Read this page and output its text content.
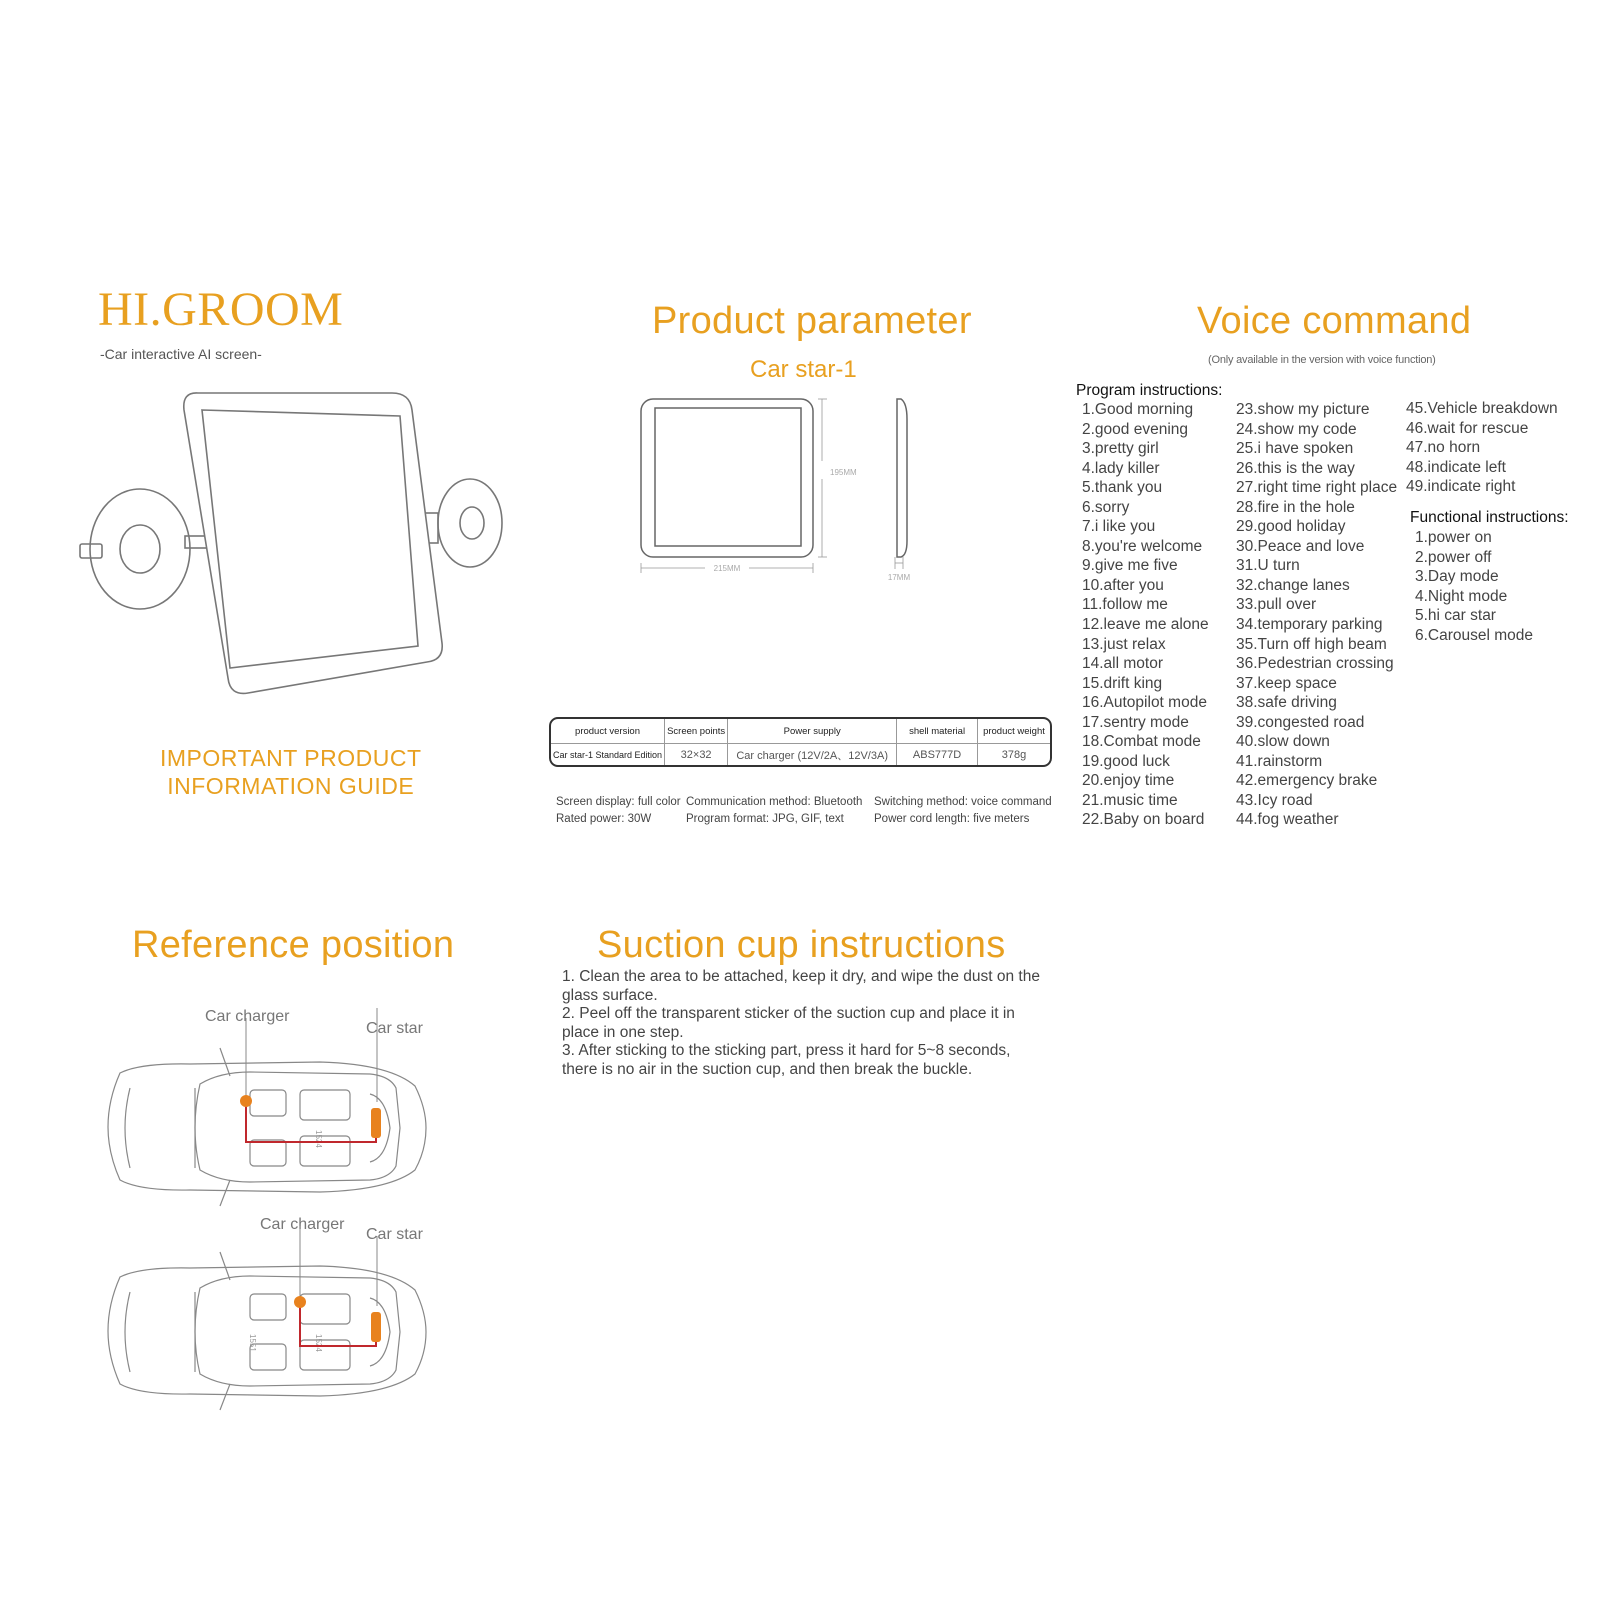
HI.GROOM
-Car interactive AI screen-
IMPORTANT PRODUCT
INFORMATION GUIDE
Product parameter
Car star-1
215MM
195MM
17MM
product version	Screen points	Power supply	shell material	product weight
Car star-1 Standard Edition	32×32	Car charger (12V/2A、12V/3A)	ABS777D	378g
Screen display: full color
Rated power: 30W
Communication method: Bluetooth
Program format: JPG, GIF, text
Switching method: voice command
Power cord length: five meters
Voice command
(Only available in the version with voice function)
Program instructions:
1.Good morning
2.good evening
3.pretty girl
4.lady killer
5.thank you
6.sorry
7.i like you
8.you're welcome
9.give me five
10.after you
11.follow me
12.leave me alone
13.just relax
14.all motor
15.drift king
16.Autopilot mode
17.sentry mode
18.Combat mode
19.good luck
20.enjoy time
21.music time
22.Baby on board
23.show my picture
24.show my code
25.i have spoken
26.this is the way
27.right time right place
28.fire in the hole
29.good holiday
30.Peace and love
31.U turn
32.change lanes
33.pull over
34.temporary parking
35.Turn off high beam
36.Pedestrian crossing
37.keep space
38.safe driving
39.congested road
40.slow down
41.rainstorm
42.emergency brake
43.Icy road
44.fog weather
45.Vehicle breakdown
46.wait for rescue
47.no horn
48.indicate left
49.indicate right
Functional instructions:
1.power on
2.power off
3.Day mode
4.Night mode
5.hi car star
6.Carousel mode
Reference position
Car charger
Car star
1524
Car charger
Car star
1524
1551
Suction cup instructions

1. Clean the area to be attached, keep it dry, and wipe the dust on the glass surface.

2. Peel off the transparent sticker of the suction cup and place it in place in one step.

3. After sticking to the sticking part, press it hard for 5~8 seconds, there is no air in the suction cup, and then break the buckle.
